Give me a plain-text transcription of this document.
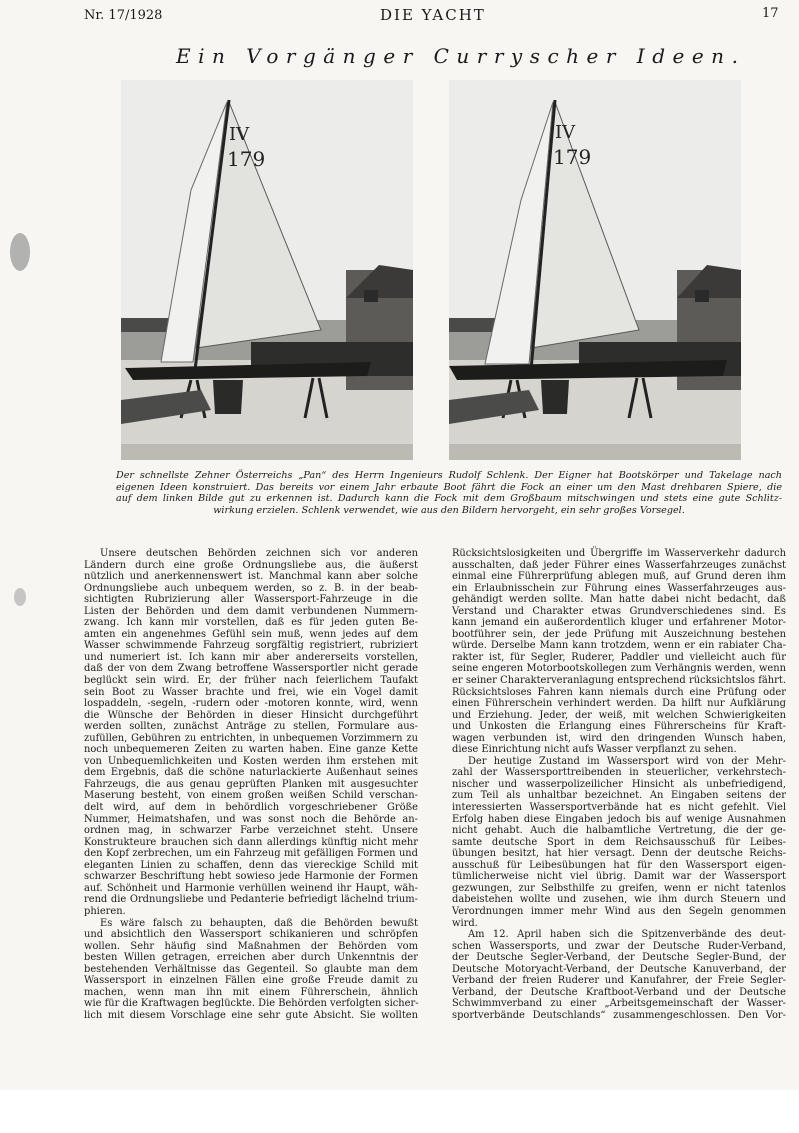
Nr. 17/1928	DIE YACHT	17
Ein Vorgänger Curryscher Ideen.
IV
179
IV
179
Der schnellste Zehner Österreichs „Pan“ des Herrn Ingenieurs Rudolf Schlenk. Der Eigner hat Bootskörper und Takelage nach
eigenen Ideen konstruiert. Das bereits vor einem Jahr erbaute Boot fährt die Fock an einer um den Mast drehbaren Spiere, die
auf dem linken Bilde gut zu erkennen ist. Dadurch kann die Fock mit dem Großbaum mitschwingen und stets eine gute Schlitz-
wirkung erzielen. Schlenk verwendet, wie aus den Bildern hervorgeht, ein sehr großes Vorsegel.
Unsere deutschen Behörden zeichnen sich vor anderen
Ländern durch eine große Ordnungsliebe aus, die äußerst
nützlich und anerkennenswert ist. Manchmal kann aber solche
Ordnungsliebe auch unbequem werden, so z. B. in der beab-
sichtigten Rubrizierung aller Wassersport-Fahrzeuge in die
Listen der Behörden und dem damit verbundenen Nummern-
zwang. Ich kann mir vorstellen, daß es für jeden guten Be-
amten ein angenehmes Gefühl sein muß, wenn jedes auf dem
Wasser schwimmende Fahrzeug sorgfältig registriert, rubriziert
und numeriert ist. Ich kann mir aber andererseits vorstellen,
daß der von dem Zwang betroffene Wassersportler nicht gerade
beglückt sein wird. Er, der früher nach feierlichem Taufakt
sein Boot zu Wasser brachte und frei, wie ein Vogel damit
lospaddeln, -segeln, -rudern oder -motoren konnte, wird, wenn
die Wünsche der Behörden in dieser Hinsicht durchgeführt
werden sollten, zunächst Anträge zu stellen, Formulare aus-
zufüllen, Gebühren zu entrichten, in unbequemen Vorzimmern zu
noch unbequemeren Zeiten zu warten haben. Eine ganze Kette
von Unbequemlichkeiten und Kosten werden ihm erstehen mit
dem Ergebnis, daß die schöne naturlackierte Außenhaut seines
Fahrzeugs, die aus genau geprüften Planken mit ausgesuchter
Maserung besteht, von einem großen weißen Schild verschan-
delt wird, auf dem in behördlich vorgeschriebener Größe
Nummer, Heimatshafen, und was sonst noch die Behörde an-
ordnen mag, in schwarzer Farbe verzeichnet steht. Unsere
Konstrukteure brauchen sich dann allerdings künftig nicht mehr
den Kopf zerbrechen, um ein Fahrzeug mit gefälligen Formen und
eleganten Linien zu schaffen, denn das viereckige Schild mit
schwarzer Beschriftung hebt sowieso jede Harmonie der Formen
auf. Schönheit und Harmonie verhüllen weinend ihr Haupt, wäh-
rend die Ordnungsliebe und Pedanterie befriedigt lächelnd trium-
phieren.
Es wäre falsch zu behaupten, daß die Behörden bewußt
und absichtlich den Wassersport schikanieren und schröpfen
wollen. Sehr häufig sind Maßnahmen der Behörden vom
besten Willen getragen, erreichen aber durch Unkenntnis der
bestehenden Verhältnisse das Gegenteil. So glaubte man dem
Wassersport in einzelnen Fällen eine große Freude damit zu
machen, wenn man ihn mit einem Führerschein, ähnlich
wie für die Kraftwagen beglückte. Die Behörden verfolgten sicher-
lich mit diesem Vorschlage eine sehr gute Absicht. Sie wollten
Rücksichtslosigkeiten und Übergriffe im Wasserverkehr dadurch
ausschalten, daß jeder Führer eines Wasserfahrzeuges zunächst
einmal eine Führerprüfung ablegen muß, auf Grund deren ihm
ein Erlaubnisschein zur Führung eines Wasserfahrzeuges aus-
gehändigt werden sollte. Man hatte dabei nicht bedacht, daß
Verstand und Charakter etwas Grundverschiedenes sind. Es
kann jemand ein außerordentlich kluger und erfahrener Motor-
bootführer sein, der jede Prüfung mit Auszeichnung bestehen
würde. Derselbe Mann kann trotzdem, wenn er ein rabiater Cha-
rakter ist, für Segler, Ruderer, Paddler und vielleicht auch für
seine engeren Motorbootskollegen zum Verhängnis werden, wenn
er seiner Charakterveranlagung entsprechend rücksichtslos fährt.
Rücksichtsloses Fahren kann niemals durch eine Prüfung oder
einen Führerschein verhindert werden. Da hilft nur Aufklärung
und Erziehung. Jeder, der weiß, mit welchen Schwierigkeiten
und Unkosten die Erlangung eines Führerscheins für Kraft-
wagen verbunden ist, wird den dringenden Wunsch haben,
diese Einrichtung nicht aufs Wasser verpflanzt zu sehen.
Der heutige Zustand im Wassersport wird von der Mehr-
zahl der Wassersporttreibenden in steuerlicher, verkehrstech-
nischer und wasserpolizeilicher Hinsicht als unbefriedigend,
zum Teil als unhaltbar bezeichnet. An Eingaben seitens der
interessierten Wassersportverbände hat es nicht gefehlt. Viel
Erfolg haben diese Eingaben jedoch bis auf wenige Ausnahmen
nicht gehabt. Auch die halbamtliche Vertretung, die der ge-
samte deutsche Sport in dem Reichsausschuß für Leibes-
übungen besitzt, hat hier versagt. Denn der deutsche Reichs-
ausschuß für Leibesübungen hat für den Wassersport eigen-
tümlicherweise nicht viel übrig. Damit war der Wassersport
gezwungen, zur Selbsthilfe zu greifen, wenn er nicht tatenlos
dabeistehen wollte und zusehen, wie ihm durch Steuern und
Verordnungen immer mehr Wind aus den Segeln genommen
wird.
Am 12. April haben sich die Spitzenverbände des deut-
schen Wassersports, und zwar der Deutsche Ruder-Verband,
der Deutsche Segler-Verband, der Deutsche Segler-Bund, der
Deutsche Motoryacht-Verband, der Deutsche Kanuverband, der
Verband der freien Ruderer und Kanufahrer, der Freie Segler-
Verband, der Deutsche Kraftboot-Verband und der Deutsche
Schwimmverband zu einer „Arbeitsgemeinschaft der Wasser-
sportverbände Deutschlands“ zusammengeschlossen. Den Vor-
